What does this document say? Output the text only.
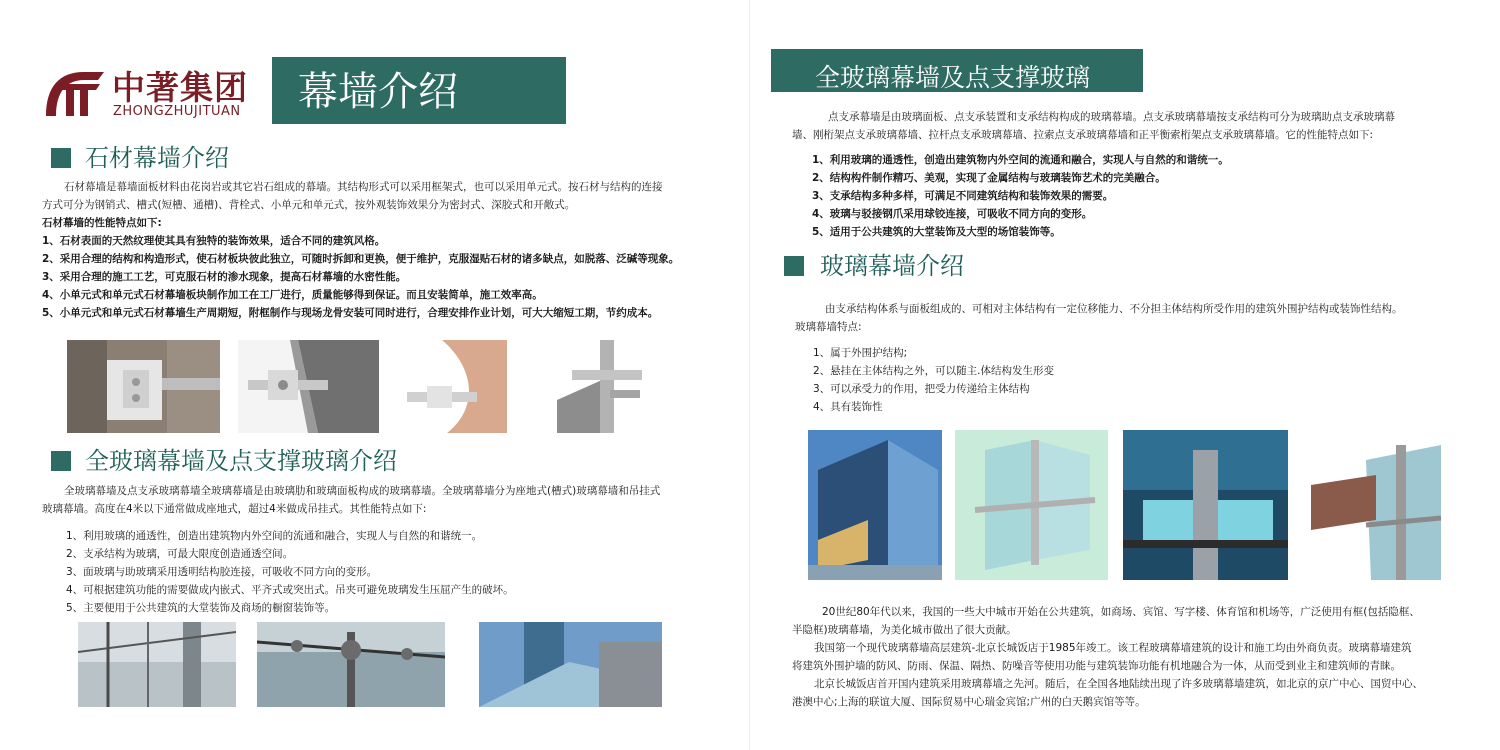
中著集团
ZHONGZHUJITUAN 幕墙介绍
石材幕墙介绍

石材幕墙是幕墙面板材料由花岗岩或其它岩石组成的幕墙。其结构形式可以采用框架式，也可以采用单元式。按石材与结构的连接

方式可分为钢销式、槽式(短槽、通槽)、背栓式、小单元和单元式，按外观装饰效果分为密封式、深胶式和开敞式。

石材幕墙的性能特点如下:

1、石材表面的天然纹理使其具有独特的装饰效果，适合不同的建筑风格。
2、采用合理的结构和构造形式，使石材板块彼此独立，可随时拆卸和更换，便于维护，克服湿贴石材的诸多缺点，如脱落、泛碱等现象。
3、采用合理的施工工艺，可克服石材的渗水现象，提高石材幕墙的水密性能。
4、小单元式和单元式石材幕墙板块制作加工在工厂进行，质量能够得到保证。而且安装简单，施工效率高。
5、小单元式和单元式石材幕墙生产周期短，附框制作与现场龙骨安装可同时进行，合理安排作业计划，可大大缩短工期，节约成本。
全玻璃幕墙及点支撑玻璃介绍

全玻璃幕墙及点支承玻璃幕墙全玻璃幕墙是由玻璃肋和玻璃面板构成的玻璃幕墙。全玻璃幕墙分为座地式(槽式)玻璃幕墙和吊挂式

玻璃幕墙。高度在4米以下通常做成座地式，超过4米做成吊挂式。其性能特点如下:

1、利用玻璃的通透性，创造出建筑物内外空间的流通和融合，实现人与自然的和谐统一。
2、支承结构为玻璃，可最大限度创造通透空间。
3、面玻璃与助玻璃采用透明结构胶连接，可吸收不同方向的变形。
4、可根据建筑功能的需要做成内嵌式、平齐式或突出式。吊夹可避免玻璃发生压屈产生的破坏。
5、主要便用于公共建筑的大堂装饰及商场的橱窗装饰等。
全玻璃幕墙及点支撑玻璃

点支承幕墙是由玻璃面板、点支承装置和支承结构构成的玻璃幕墙。点支承玻璃幕墙按支承结构可分为玻璃助点支承玻璃幕

墙、刚桁架点支承玻璃幕墙、拉杆点支承玻璃幕墙、拉索点支承玻璃幕墙和正平衡索桁架点支承玻璃幕墙。它的性能特点如下:

1、利用玻璃的通透性，创造出建筑物内外空间的流通和融合，实现人与自然的和谐统一。
2、结构构件制作精巧、美观，实现了金属结构与玻璃装饰艺术的完美融合。
3、支承结构多种多样，可满足不同建筑结构和装饰效果的需要。
4、玻璃与驳接钢爪采用球铰连接，可吸收不同方向的变形。
5、适用于公共建筑的大堂装饰及大型的场馆装饰等。
玻璃幕墙介绍

由支承结构体系与面板组成的、可相对主体结构有一定位移能力、不分担主体结构所受作用的建筑外围护结构或装饰性结构。

玻璃幕墙特点:

1、属于外围护结构;
2、悬挂在主体结构之外，可以随主.体结构发生形变
3、可以承受力的作用，把受力传递给主体结构
4、具有装饰性

20世纪80年代以来，我国的一些大中城市开始在公共建筑，如商场、宾馆、写字楼、体育馆和机场等，广泛使用有框(包括隐框、

半隐框)玻璃幕墙，为美化城市做出了很大贡献。

我国第一个现代玻璃幕墙高层建筑-北京长城饭店于1985年竣工。该工程玻璃幕墙建筑的设计和施工均由外商负责。玻璃幕墙建筑

将建筑外围护墙的防风、防雨、保温、隔热、防噪音等使用功能与建筑装饰功能有机地融合为一体，从而受到业主和建筑师的青睐。

北京长城饭店首开国内建筑采用玻璃幕墙之先河。随后，在全国各地陆续出现了许多玻璃幕墙建筑，如北京的京广中心、国贸中心、

港澳中心;上海的联谊大厦、国际贸易中心瑞金宾馆;广州的白天鹅宾馆等等。
